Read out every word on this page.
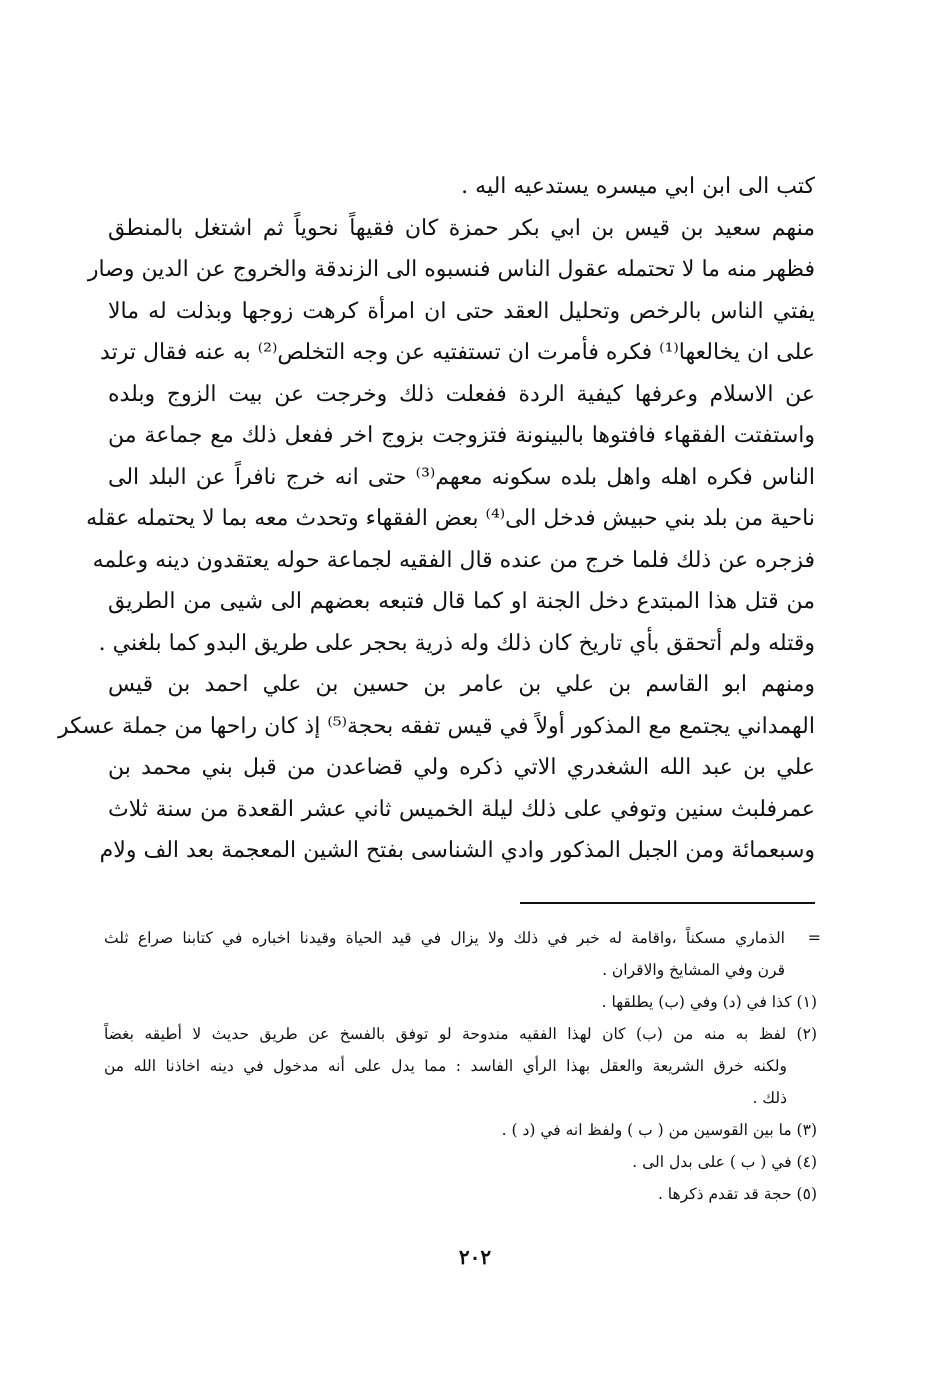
كتب الى ابن ابي ميسره يستدعيه اليه .
منهم سعيد بن قيس بن ابي بكر حمزة كان فقيهاً نحوياً ثم اشتغل بالمنطق
فظهر منه ما لا تحتمله عقول الناس فنسبوه الى الزندقة والخروج عن الدين وصار
يفتي الناس بالرخص وتحليل العقد حتى ان امرأة كرهت زوجها وبذلت له مالا
على ان يخالعها⁽¹⁾ فكره فأمرت ان تستفتيه عن وجه التخلص⁽²⁾ به عنه فقال ترتد
عن الاسلام وعرفها كيفية الردة ففعلت ذلك وخرجت عن بيت الزوج وبلده
واستفتت الفقهاء فافتوها بالبينونة فتزوجت بزوج اخر ففعل ذلك مع جماعة من
الناس فكره اهله واهل بلده سكونه معهم⁽³⁾ حتى انه خرج نافراً عن البلد الى
ناحية من بلد بني حبيش فدخل الى⁽⁴⁾ بعض الفقهاء وتحدث معه بما لا يحتمله عقله
فزجره عن ذلك فلما خرج من عنده قال الفقيه لجماعة حوله يعتقدون دينه وعلمه
من قتل هذا المبتدع دخل الجنة او كما قال فتبعه بعضهم الى شيى من الطريق
وقتله ولم أتحقق بأي تاريخ كان ذلك وله ذرية بحجر على طريق البدو كما بلغني .
ومنهم ابو القاسم بن علي بن عامر بن حسين بن علي احمد بن قيس
الهمداني يجتمع مع المذكور أولاً في قيس تفقه بحجة⁽⁵⁾ إذ كان راحها من جملة عسكر
علي بن عبد الله الشغدري الاتي ذكره ولي قضاعدن من قبل بني محمد بن
عمرفلبث سنين وتوفي على ذلك ليلة الخميس ثاني عشر القعدة من سنة ثلاث
وسبعمائة ومن الجبل المذكور وادي الشناسى بفتح الشين المعجمة بعد الف ولام
=
الذماري مسكناً ،واقامة له خبر في ذلك ولا يزال في قيد الحياة وقيدنا اخباره في كتابنا صراع ثلث
قرن وفي المشايخ والاقران .
(١) كذا في (د) وفي (ب) يطلقها .
(٢) لفظ به منه من (ب) كان لهذا الفقيه مندوحة لو توفق بالفسخ عن طريق حديث لا أطيقه بغضاً
ولكنه خرق الشريعة والعقل بهذا الرأي الفاسد : مما يدل على أنه مدخول في دينه اخاذنا الله من
ذلك .
(٣) ما بين القوسين من ( ب ) ولفظ انه في (د ) .
(٤) في ( ب ) على بدل الى .
(٥) حجة قد تقدم ذكرها .
٢٠٢
